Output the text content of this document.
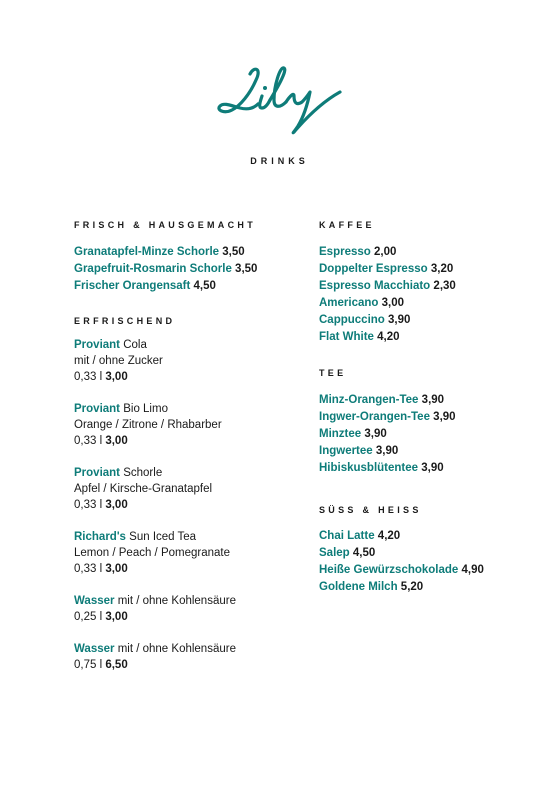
DRINKS
FRISCH & HAUSGEMACHT
Granatapfel-Minze Schorle 3,50
Grapefruit-Rosmarin Schorle 3,50
Frischer Orangensaft 4,50
ERFRISCHEND
Proviant Cola
mit / ohne Zucker
0,33 l 3,00
Proviant Bio Limo
Orange / Zitrone / Rhabarber
0,33 l 3,00
Proviant Schorle
Apfel / Kirsche-Granatapfel
0,33 l 3,00
Richard's Sun Iced Tea
Lemon / Peach / Pomegranate
0,33 l 3,00
Wasser mit / ohne Kohlensäure
0,25 l 3,00
Wasser mit / ohne Kohlensäure
0,75 l 6,50
KAFFEE
Espresso 2,00
Doppelter Espresso 3,20
Espresso Macchiato 2,30
Americano 3,00
Cappuccino 3,90
Flat White 4,20
TEE
Minz-Orangen-Tee 3,90
Ingwer-Orangen-Tee 3,90
Minztee 3,90
Ingwertee 3,90
Hibiskusblütentee 3,90
SÜSS & HEISS
Chai Latte 4,20
Salep 4,50
Heiße Gewürzschokolade 4,90
Goldene Milch 5,20
